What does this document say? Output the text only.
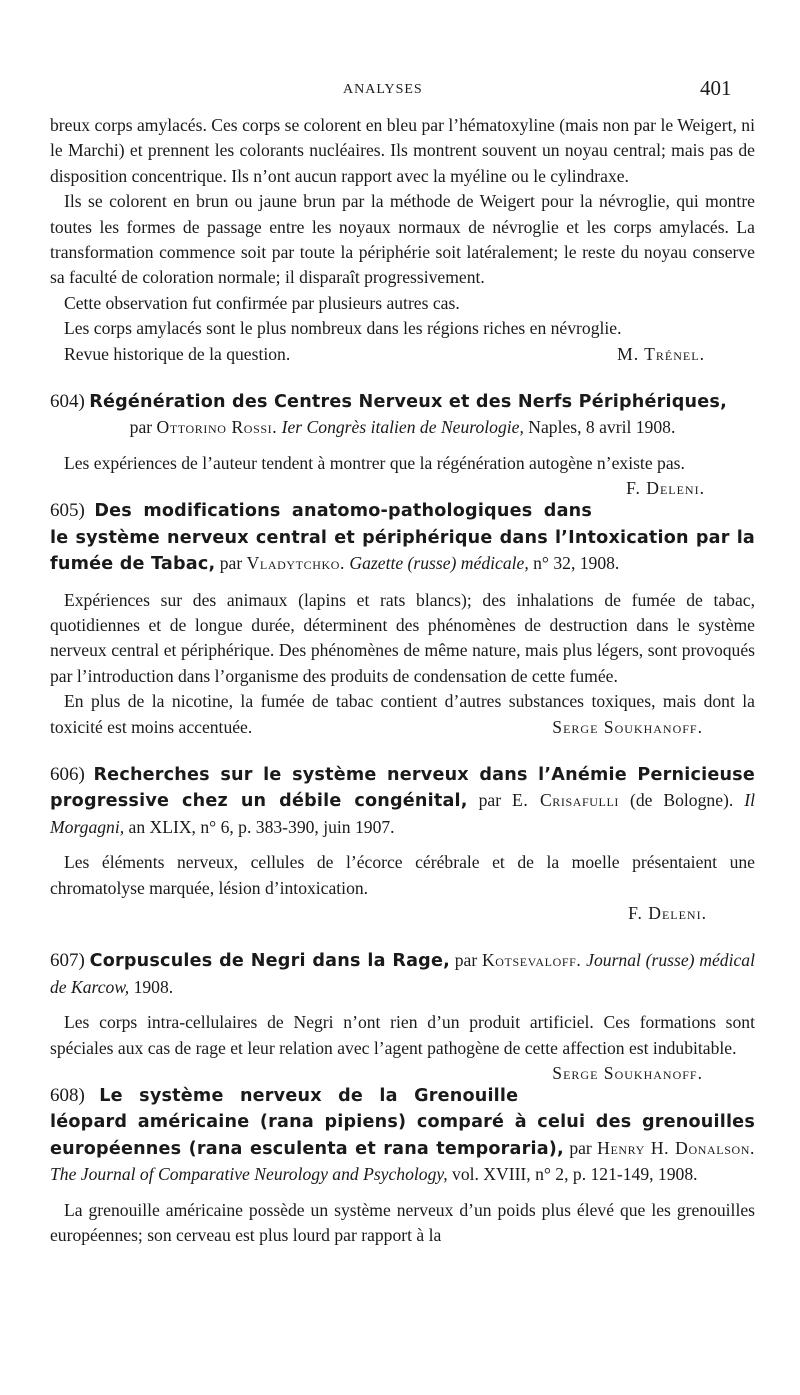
ANALYSES	401

breux corps amylacés. Ces corps se colorent en bleu par l’hématoxyline (mais non par le Weigert, ni le Marchi) et prennent les colorants nucléaires. Ils montrent souvent un noyau central; mais pas de disposition concentrique. Ils n’ont aucun rapport avec la myéline ou le cylindraxe.

Ils se colorent en brun ou jaune brun par la méthode de Weigert pour la névroglie, qui montre toutes les formes de passage entre les noyaux normaux de névroglie et les corps amylacés. La transformation commence soit par toute la périphérie soit latéralement; le reste du noyau conserve sa faculté de coloration normale; il disparaît progressivement.

Cette observation fut confirmée par plusieurs autres cas.

Les corps amylacés sont le plus nombreux dans les régions riches en névroglie.

M. Trénel.
Revue historique de la question.

604) Régénération des Centres Nerveux et des Nerfs Périphériques,

par Ottorino Rossi. Ier Congrès italien de Neurologie, Naples, 8 avril 1908.

Les expériences de l’auteur tendent à montrer que la régénération autogène n’existe pas.
F. Deleni.

605) Des modifications anatomo-pathologiques dans le système nerveux central et périphérique dans l’Intoxication par la fumée de Tabac, par Vladytchko. Gazette (russe) médicale, n° 32, 1908.

Expériences sur des animaux (lapins et rats blancs); des inhalations de fumée de tabac, quotidiennes et de longue durée, déterminent des phénomènes de destruction dans le système nerveux central et périphérique. Des phénomènes de même nature, mais plus légers, sont provoqués par l’introduction dans l’organisme des produits de condensation de cette fumée.

En plus de la nicotine, la fumée de tabac contient d’autres substances toxiques, mais dont la toxicité est moins accentuée.	Serge Soukhanoff.

606) Recherches sur le système nerveux dans l’Anémie Pernicieuse progressive chez un débile congénital, par E. Crisafulli (de Bologne). Il Morgagni, an XLIX, n° 6, p. 383-390, juin 1907.

Les éléments nerveux, cellules de l’écorce cérébrale et de la moelle présentaient une chromatolyse marquée, lésion d’intoxication.

F. Deleni.

607) Corpuscules de Negri dans la Rage, par Kotsevaloff. Journal (russe) médical de Karcow, 1908.

Les corps intra-cellulaires de Negri n’ont rien d’un produit artificiel. Ces formations sont spéciales aux cas de rage et leur relation avec l’agent pathogène de cette affection est indubitable.
Serge Soukhanoff.

608) Le système nerveux de la Grenouille léopard américaine (rana pipiens) comparé à celui des grenouilles européennes (rana esculenta et rana temporaria), par Henry H. Donalson. The Journal of Comparative Neurology and Psychology, vol. XVIII, n° 2, p. 121-149, 1908.

La grenouille américaine possède un système nerveux d’un poids plus élevé que les grenouilles européennes; son cerveau est plus lourd par rapport à la
